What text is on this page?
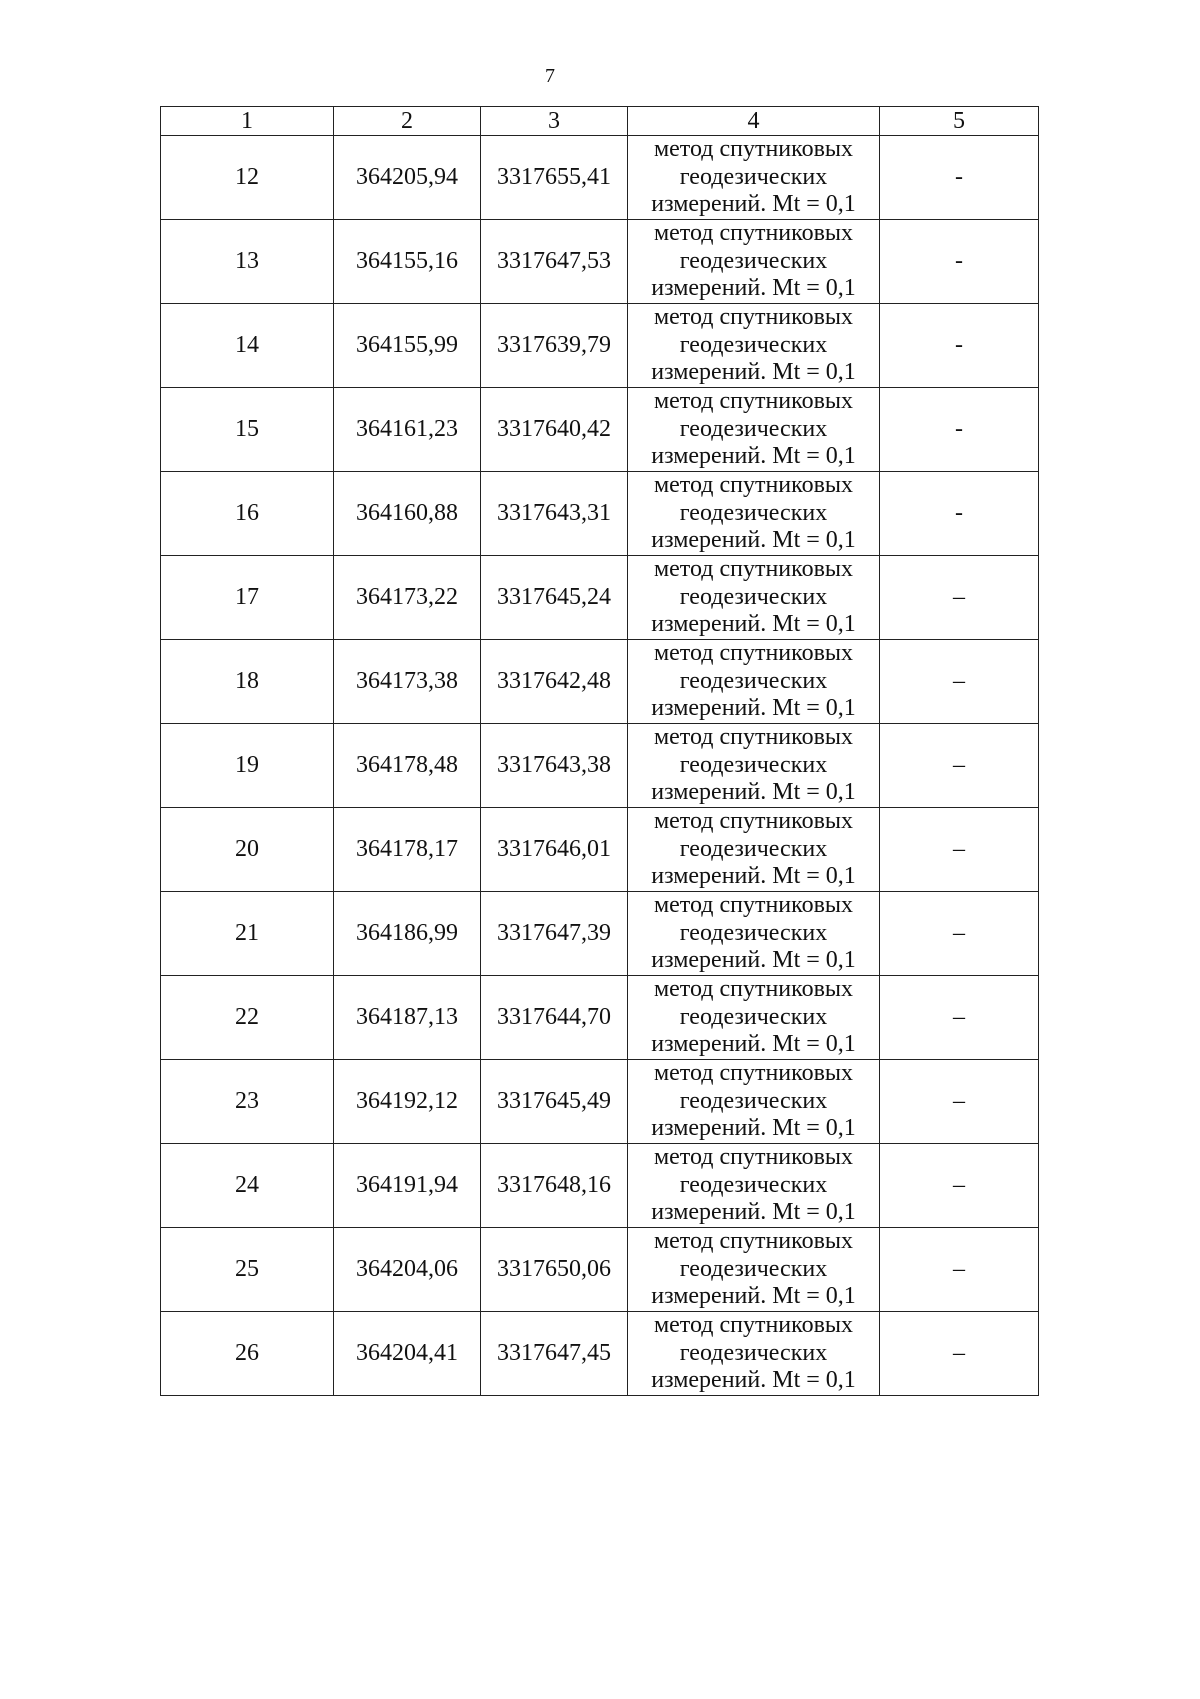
7
1	2	3	4	5
12	364205,94	3317655,41	метод спутниковых
геодезических
измерений. Mt = 0,1	-
13	364155,16	3317647,53	метод спутниковых
геодезических
измерений. Mt = 0,1	-
14	364155,99	3317639,79	метод спутниковых
геодезических
измерений. Mt = 0,1	-
15	364161,23	3317640,42	метод спутниковых
геодезических
измерений. Mt = 0,1	-
16	364160,88	3317643,31	метод спутниковых
геодезических
измерений. Mt = 0,1	-
17	364173,22	3317645,24	метод спутниковых
геодезических
измерений. Mt = 0,1	–
18	364173,38	3317642,48	метод спутниковых
геодезических
измерений. Mt = 0,1	–
19	364178,48	3317643,38	метод спутниковых
геодезических
измерений. Mt = 0,1	–
20	364178,17	3317646,01	метод спутниковых
геодезических
измерений. Mt = 0,1	–
21	364186,99	3317647,39	метод спутниковых
геодезических
измерений. Mt = 0,1	–
22	364187,13	3317644,70	метод спутниковых
геодезических
измерений. Mt = 0,1	–
23	364192,12	3317645,49	метод спутниковых
геодезических
измерений. Mt = 0,1	–
24	364191,94	3317648,16	метод спутниковых
геодезических
измерений. Mt = 0,1	–
25	364204,06	3317650,06	метод спутниковых
геодезических
измерений. Mt = 0,1	–
26	364204,41	3317647,45	метод спутниковых
геодезических
измерений. Mt = 0,1	–
